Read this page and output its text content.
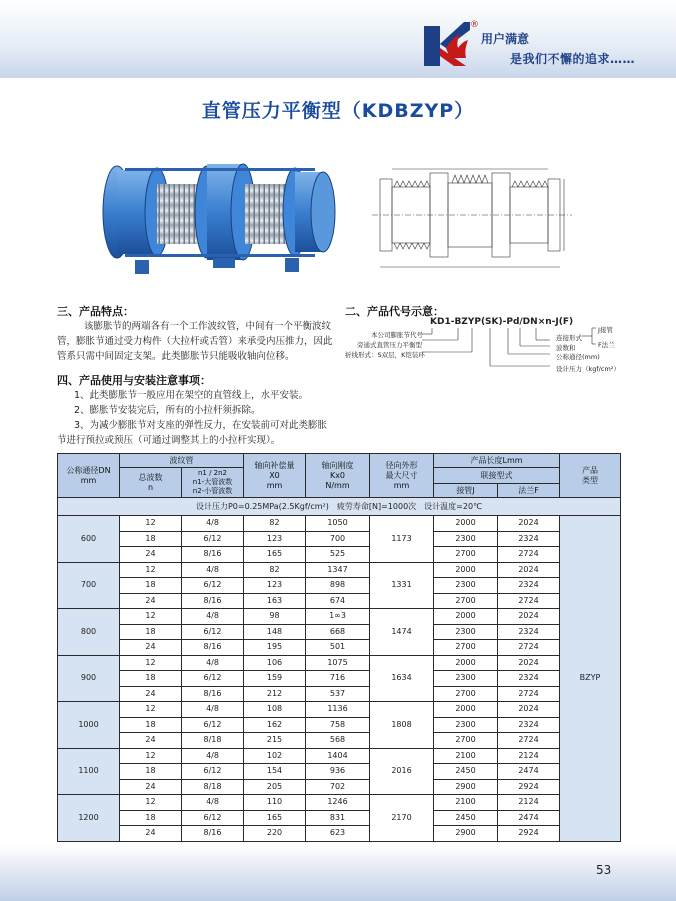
®
用户满意
是我们不懈的追求……
直管压力平衡型（KDBZYP）
三、产品特点：
该膨胀节的两端各有一个工作波纹管，中间有一个平衡波纹
管，膨胀节通过受力构件（大拉杆或舌管）来承受内压推力，因此
管系只需中间固定支架。此类膨胀节只能吸收轴向位移。
四、产品使用与安装注意事项：
1、此类膨胀节一般应用在架空的直管线上，水平安装。
2、膨胀节安装完后，所有的小拉杆须拆除。
3、为减少膨胀节对支座的弹性反力，在安装前可对此类膨胀
节进行预拉或预压（可通过调整其上的小拉杆实现）。
二、产品代号示意：
KD1-BZYP(SK)-Pd/DN×n-J(F)
本公司膨胀节代号
旁通式直管压力平衡型
折线形式：S双层，K铠装环
连接形式
波数和
公称通径(mm)
设计压力（kgf/cm²）
J接管
F法兰
公称通径DN
mm	波纹管		轴向补偿量
X0
mm	轴向刚度
Kx0
N/mm	径向外形
最大尺寸
mm	产品长度Lmm		产品
类型
	总波数
n	n1 / 2n2
n1-大管波数
n2-小管波数				联接型式		
						接管J	法兰F	
设计压力P0=0.25MPa(2.5Kgf/cm²)　疲劳寿命[N]=1000次　设计温度=20℃								
600	12	4/8	82	1050	1173	2000	2024	BZYP
	18	6/12	123	700		2300	2324	
	24	8/16	165	525		2700	2724	
700	12	4/8	82	1347	1331	2000	2024	
	18	6/12	123	898		2300	2324	
	24	8/16	163	674		2700	2724	
800	12	4/8	98	1∞3	1474	2000	2024	
	18	6/12	148	668		2300	2324	
	24	8/16	195	501		2700	2724	
900	12	4/8	106	1075	1634	2000	2024	
	18	6/12	159	716		2300	2324	
	24	8/16	212	537		2700	2724	
1000	12	4/8	108	1136	1808	2000	2024	
	18	6/12	162	758		2300	2324	
	24	8/18	215	568		2700	2724	
1100	12	4/8	102	1404	2016	2100	2124	
	18	6/12	154	936		2450	2474	
	24	8/18	205	702		2900	2924	
1200	12	4/8	110	1246	2170	2100	2124	
	18	6/12	165	831		2450	2474	
	24	8/16	220	623		2900	2924	
53
